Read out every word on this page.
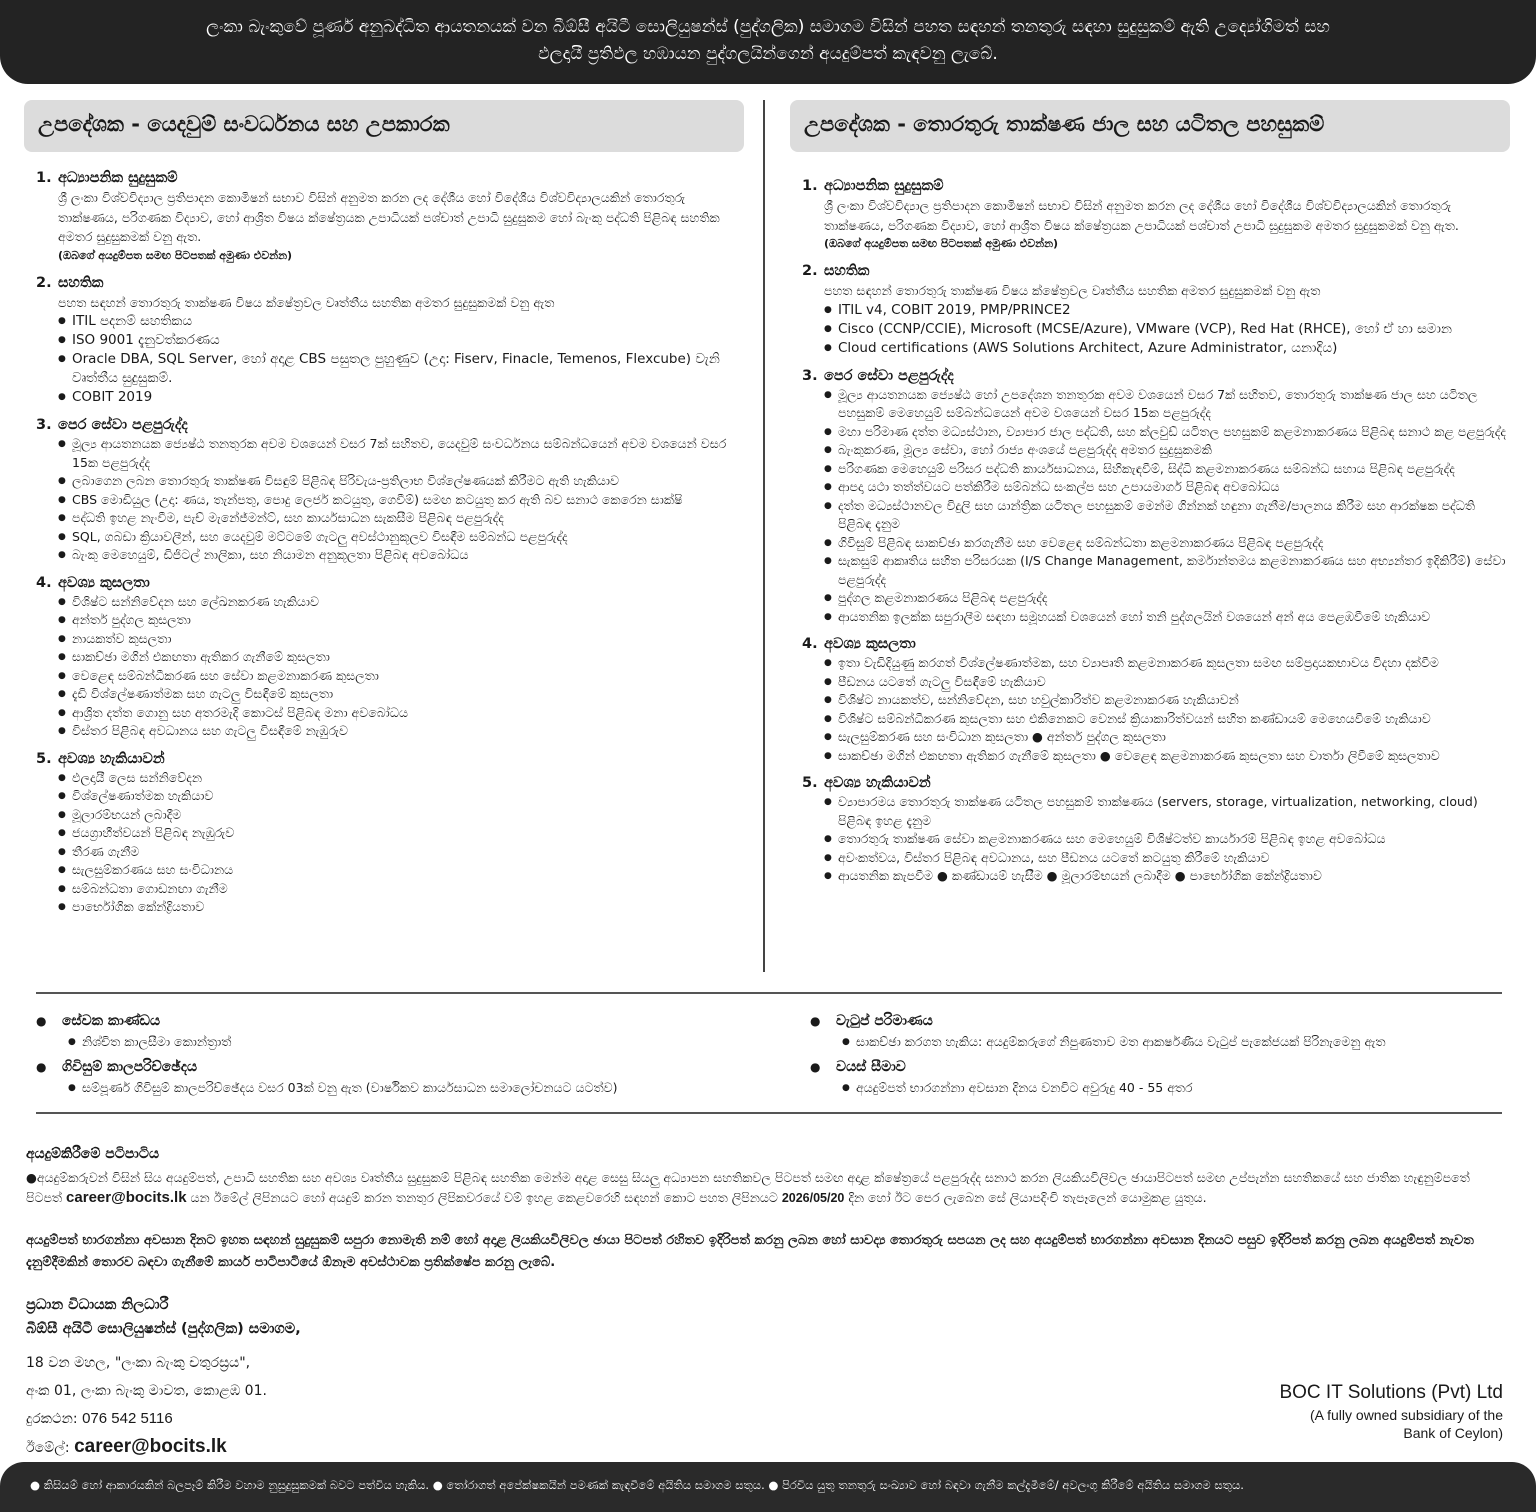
ලංකා බැංකුවේ පූර්ණ අනුබද්ධිත ආයතනයක් වන බීඕසී අයිටී සොලියුෂන්ස් (පුද්ගලික) සමාගම විසින් පහත සඳහන් තනතුරු සඳහා සුදුසුකම් ඇති උද්‍යෝගිමත් සහ
ඵලදායී ප්‍රතිඵල හඹායන පුද්ගලයින්ගෙන් අයදුම්පත් කැඳවනු ලැබේ.
උපදේශක - යෙදවුම් සංවර්ධනය සහ උපකාරක
1. අධ්‍යාපනික සුදුසුකම්
ශ්‍රී ලංකා විශ්වවිද්‍යාල ප්‍රතිපාදන කොමිෂන් සභාව විසින් අනුමත කරන ලද දේශීය හෝ විදේශීය විශ්වවිද්‍යාලයකින් තොරතුරු තාක්ෂණය, පරිගණක විද්‍යාව, හෝ ආශ්‍රිත විෂය ක්ෂේත්‍රයක උපාධියක් පශ්චාත් උපාධි සුදුසුකම හෝ බැංකු පද්ධති පිළිබඳ සහතික අමතර සුදුසුකමක් වනු ඇත.
(ඔබගේ අයදුම්පත සමඟ පිටපතක් අමුණා එවන්න)
2. සහතික
පහත සඳහන් තොරතුරු තාක්ෂණ විෂය ක්ෂේත්‍රවල වෘත්තීය සහතික අමතර සුදුසුකමක් වනු ඇත
● ITIL පදනම් සහතිකය
● ISO 9001 දැනුවත්කරණය
● Oracle DBA, SQL Server, හෝ අදාළ CBS පසුතල පුහුණුව (උදා: Fiserv, Finacle, Temenos, Flexcube) වැනි වෘත්තීය සුදුසුකම්.
● COBIT 2019
3. පෙර සේවා පළපුරුද්ද
● මූල්‍ය ආයතනයක ජ්‍යෙෂ්ඨ තනතුරක අවම වශයෙන් වසර 7ක් සහිතව, යෙදවුම් සංවර්ධනය සම්බන්ධයෙන් අවම වශයෙන් වසර 15ක පළපුරුද්ද
● ලබාගෙන ලබන තොරතුරු තාක්ෂණ විසඳුම් පිළිබඳ පිරිවැය-ප්‍රතිලාභ විශ්ලේෂණයක් කිරීමට ඇති හැකියාව
● CBS මොඩියුල (උදා: ණය, තැන්පතු, පොදු ලෙජර් කටයුතු, ගෙවීම්) සමඟ කටයුතු කර ඇති බව සනාථ කෙරෙන සාක්ෂි
● පද්ධති ඉහළ නැංවීම, පැච් මැනේජ්මන්ට්, සහ කාර්යසාධන සැකසීම පිළිබඳ පළපුරුද්ද
● SQL, ගබඩා ක්‍රියාවලීන්, සහ යෙදවුම් මට්ටමේ ගැටලු අවස්ථානුකූලව විසඳීම සම්බන්ධ පළපුරුද්ද
● බැංකු මෙහෙයුම්, ඩිජිටල් නාලිකා, සහ නියාමන අනුකූලතා පිළිබඳ අවබෝධය
4. අවශ්‍ය කුසලතා
● විශිෂ්ට සන්නිවේදන සහ ලේඛනකරණ හැකියාව
● අන්තර් පුද්ගල කුසලතා
● නායකත්ව කුසලතා
● සාකච්ඡා මගින් එකඟතා ඇතිකර ගැනීමේ කුසලතා
● වෙළෙඳ සම්බන්ධීකරණ සහ සේවා කළමනාකරණ කුසලතා
● දැඩි විශ්ලේෂණාත්මක සහ ගැටලු විසඳීමේ කුසලතා
● ආශ්‍රිත දත්ත ගොනු සහ අතරමැදි කොටස් පිළිබඳ මනා අවබෝධය
● විස්තර පිළිබඳ අවධානය සහ ගැටලු විසඳීමේ නැඹුරුව
5. අවශ්‍ය හැකියාවන්
● ඵලදායී ලෙස සන්නිවේදන
● විශ්ලේෂණාත්මක හැකියාව
● මූලාරම්භයන් ලබාදීම
● ජයග්‍රාහීත්වයන් පිළිබඳ නැඹුරුව
● තීරණ ගැනීම
● සැලසුම්කරණය සහ සංවිධානය
● සම්බන්ධතා ගොඩනඟා ගැනීම
● පාර්භෝගික කේන්ද්‍රියතාව
උපදේශක - තොරතුරු තාක්ෂණ ජාල සහ යටිතල පහසුකම්
1. අධ්‍යාපනික සුදුසුකම්
ශ්‍රී ලංකා විශ්වවිද්‍යාල ප්‍රතිපාදන කොමිෂන් සභාව විසින් අනුමත කරන ලද දේශීය හෝ විදේශීය විශ්වවිද්‍යාලයකින් තොරතුරු තාක්ෂණය, පරිගණක විද්‍යාව, හෝ ආශ්‍රිත විෂය ක්ෂේත්‍රයක උපාධියක් පශ්චාත් උපාධි සුදුසුකම අමතර සුදුසුකමක් වනු ඇත.
(ඔබගේ අයදුම්පත සමඟ පිටපතක් අමුණා එවන්න)
2. සහතික
පහත සඳහන් තොරතුරු තාක්ෂණ විෂය ක්ෂේත්‍රවල වෘත්තීය සහතික අමතර සුදුසුකමක් වනු ඇත
● ITIL v4, COBIT 2019, PMP/PRINCE2
● Cisco (CCNP/CCIE), Microsoft (MCSE/Azure), VMware (VCP), Red Hat (RHCE), හෝ ඒ හා සමාන
● Cloud certifications (AWS Solutions Architect, Azure Administrator, යනාදිය)
3. පෙර සේවා පළපුරුද්ද
● මූල්‍ය ආයතනයක ජ්‍යෙෂ්ඨ හෝ උපදේශන තනතුරක අවම වශයෙන් වසර 7ක් සහිතව, තොරතුරු තාක්ෂණ ජාල සහ යටිතල පහසුකම් මෙහෙයුම් සම්බන්ධයෙන් අවම වශයෙන් වසර 15ක පළපුරුද්ද
● මහා පරිමාණ දත්ත මධ්‍යස්ථාන, ව්‍යාපාර ජාල පද්ධති, සහ ක්ලවුඩ් යටිතල පහසුකම් කළමනාකරණය පිළිබඳ සනාථ කළ පළපුරුද්ද
● බැංකුකරණ, මූල්‍ය සේවා, හෝ රාජ්‍ය අංශයේ පළපුරුද්ද අමතර සුදුසුකමකි
● පරිගණක මෙහෙයුම් පරිසර පද්ධති කාර්යසාධනය, සිහිකැඳවීම්, සිද්ධි කළමනාකරණය සම්බන්ධ සහාය පිළිබඳ පළපුරුද්ද
● ආපදා යථා තත්ත්වයට පත්කිරීම සම්බන්ධ සංකල්ප සහ උපායමාර්ග පිළිබඳ අවබෝධය
● දත්ත මධ්‍යස්ථානවල විදුලි සහ යාන්ත්‍රික යටිතල පහසුකම් මෙන්ම ගින්නක් හඳුනා ගැනීම/පාලනය කිරීම සහ ආරක්ෂක පද්ධති පිළිබඳ දැනුම
● ගිවිසුම් පිළිබඳ සාකච්ඡා කරගැනීම සහ වෙළෙඳ සම්බන්ධතා කළමනාකරණය පිළිබඳ පළපුරුද්ද
● සැකසුම් ආකෘතිය සහිත පරිසරයක (I/S Change Management, කර්මාන්තමය කළමනාකරණය සහ අභ්‍යන්තර ඉදිකිරීම්) සේවා පළපුරුද්ද
● පුද්ගල කළමනාකරණය පිළිබඳ පළපුරුද්ද
● ආයතනික ඉලක්ක සපුරාලීම සඳහා සමූහයක් වශයෙන් හෝ තනි පුද්ගලයින් වශයෙන් අන් අය පෙළඹවීමේ හැකියාව
4. අවශ්‍ය කුසලතා
● ඉතා වැඩිදියුණු කරගත් විශ්ලේෂණාත්මක, සහ ව්‍යාපෘති කළමනාකරණ කුසලතා සමඟ සම්ප්‍රදායකභාවය විදහා දක්වීම
● පීඩනය යටතේ ගැටලු විසඳීමේ හැකියාව
● විශිෂ්ට නායකත්ව, සන්නිවේදන, සහ හවුල්කාරිත්ව කළමනාකරණ හැකියාවන්
● විශිෂ්ට සම්බන්ධීකරණ කුසලතා සහ එකිනෙකට වෙනස් ක්‍රියාකාරිත්වයන් සහිත කණ්ඩායම් මෙහෙයවීමේ හැකියාව
● සැලසුම්කරණ සහ සංවිධාන කුසලතා ● අන්තර් පුද්ගල කුසලතා
● සාකච්ඡා මගින් එකඟතා ඇතිකර ගැනීමේ කුසලතා ● වෙළෙඳ කළමනාකරණ කුසලතා සහ වාර්තා ලිවීමේ කුසලතාව
5. අවශ්‍ය හැකියාවන්
● ව්‍යාපාරමය තොරතුරු තාක්ෂණ යටිතල පහසුකම් තාක්ෂණය (servers, storage, virtualization, networking, cloud) පිළිබඳ ඉහළ දැනුම
● තොරතුරු තාක්ෂණ සේවා කළමනාකරණය සහ මෙහෙයුම් විශිෂ්ටත්ව කාර්යාරම් පිළිබඳ ඉහළ අවබෝධය
● අවංකත්වය, විස්තර පිළිබඳ අවධානය, සහ පීඩනය යටතේ කටයුතු කිරීමේ හැකියාව
● ආයතනික කැපවීම ● කණ්ඩායම් හැසිීම ● මූලාරම්භයන් ලබාදීම ● පාර්භෝගික කේන්ද්‍රියතාව
● සේවක කාණ්ඩය
● නිශ්චිත කාලසීමා කොන්ත්‍රාත්
● ගිවිසුම් කාලපරිච්ඡේදය
● සම්පූර්ණ ගිවිසුම් කාලපරිච්ඡේදය වසර 03ක් වනු ඇත (වාර්ෂිකව කාර්යසාධන සමාලෝචනයට යටත්ව)
● වැටුප් පරිමාණය
● සාකච්ඡා කරගත හැකිය: අයදුම්කරුගේ නිපුණතාව මත ආකර්ෂණීය වැටුප් පැකේජයක් පිරිනැමෙනු ඇත
● වයස් සීමාව
● අයදුම්පත් භාරගන්නා අවසාන දිනය වනවිට අවුරුදු 40 - 55 අතර
අයදුම්කිරීමේ පටිපාටිය
●අයදුම්කරුවන් විසින් සිය අයදුම්පත්, උපාධි සහතික සහ අවශ්‍ය වෘත්තීය සුදුසුකම් පිළිබඳ සහතික මෙන්ම අදාළ සෙසු සියලු අධ්‍යාපන සහතිකවල පිටපත් සමඟ අදාළ ක්ෂේත්‍රයේ පළපුරුද්ද සනාථ කරන ලියකියවිලිවල ඡායාපිටපත් සමඟ උප්පැන්න සහතිකයේ සහ ජාතික හැඳුනුම්පතේ පිටපත් career@bocits.lk යන ඊමේල් ලිපිනයට හෝ අයදුම් කරන තනතුර ලිපිකවරයේ වම් ඉහළ කෙළවරෙහි සඳහන් කොට පහත ලිපිනයට 2026/05/20 දින හෝ ඊට පෙර ලැබෙන සේ ලියාපදිංචි තැපෑලෙන් යොමුකළ යුතුය.
අයදුම්පත් භාරගන්නා අවසාන දිනට ඉහත සඳහන් සුදුසුකම් සපුරා නොමැති නම් හෝ අදාළ ලියකියවිලිවල ඡායා පිටපත් රහිතව ඉදිරිපත් කරනු ලබන හෝ සාවද්‍ය තොරතුරු සපයන ලද සහ අයදුම්පත් භාරගන්නා අවසාන දිනයට පසුව ඉදිරිපත් කරනු ලබන අයදුම්පත් නැවත දැනුම්දීමකින් තොරව බඳවා ගැනීමේ කාර්ය පාටිපාටියේ ඕනෑම අවස්ථාවක ප්‍රතික්ෂේප කරනු ලැබේ.
ප්‍රධාන විධායක නිලධාරී
බීඕසී අයිටී සොලියුෂන්ස් (පුද්ගලික) සමාගම,
18 වන මහල, "ලංකා බැංකු චතුරස්‍රය",
අංක 01, ලංකා බැංකු මාවත, කොළඹ 01.
දුරකථන: 076 542 5116
ඊමේල්: career@bocits.lk
BOC IT Solutions (Pvt) Ltd
(A fully owned subsidiary of the
Bank of Ceylon)
● කිසියම් හෝ ආකාරයකින් බලපෑම් කිරීම වහාම නුසුදුසුකමක් බවට පත්විය හැකිය. ● තෝරාගත් අපේක්ෂකයින් පමණක් කැඳවීමේ අයිතිය සමාගම සතුය. ● පිරවිය යුතු තනතුරු සංඛ්‍යාව හෝ බඳවා ගැනීම කල්දැමීමේ/ අවලංගු කිරීමේ අයිතිය සමාගම සතුය.
